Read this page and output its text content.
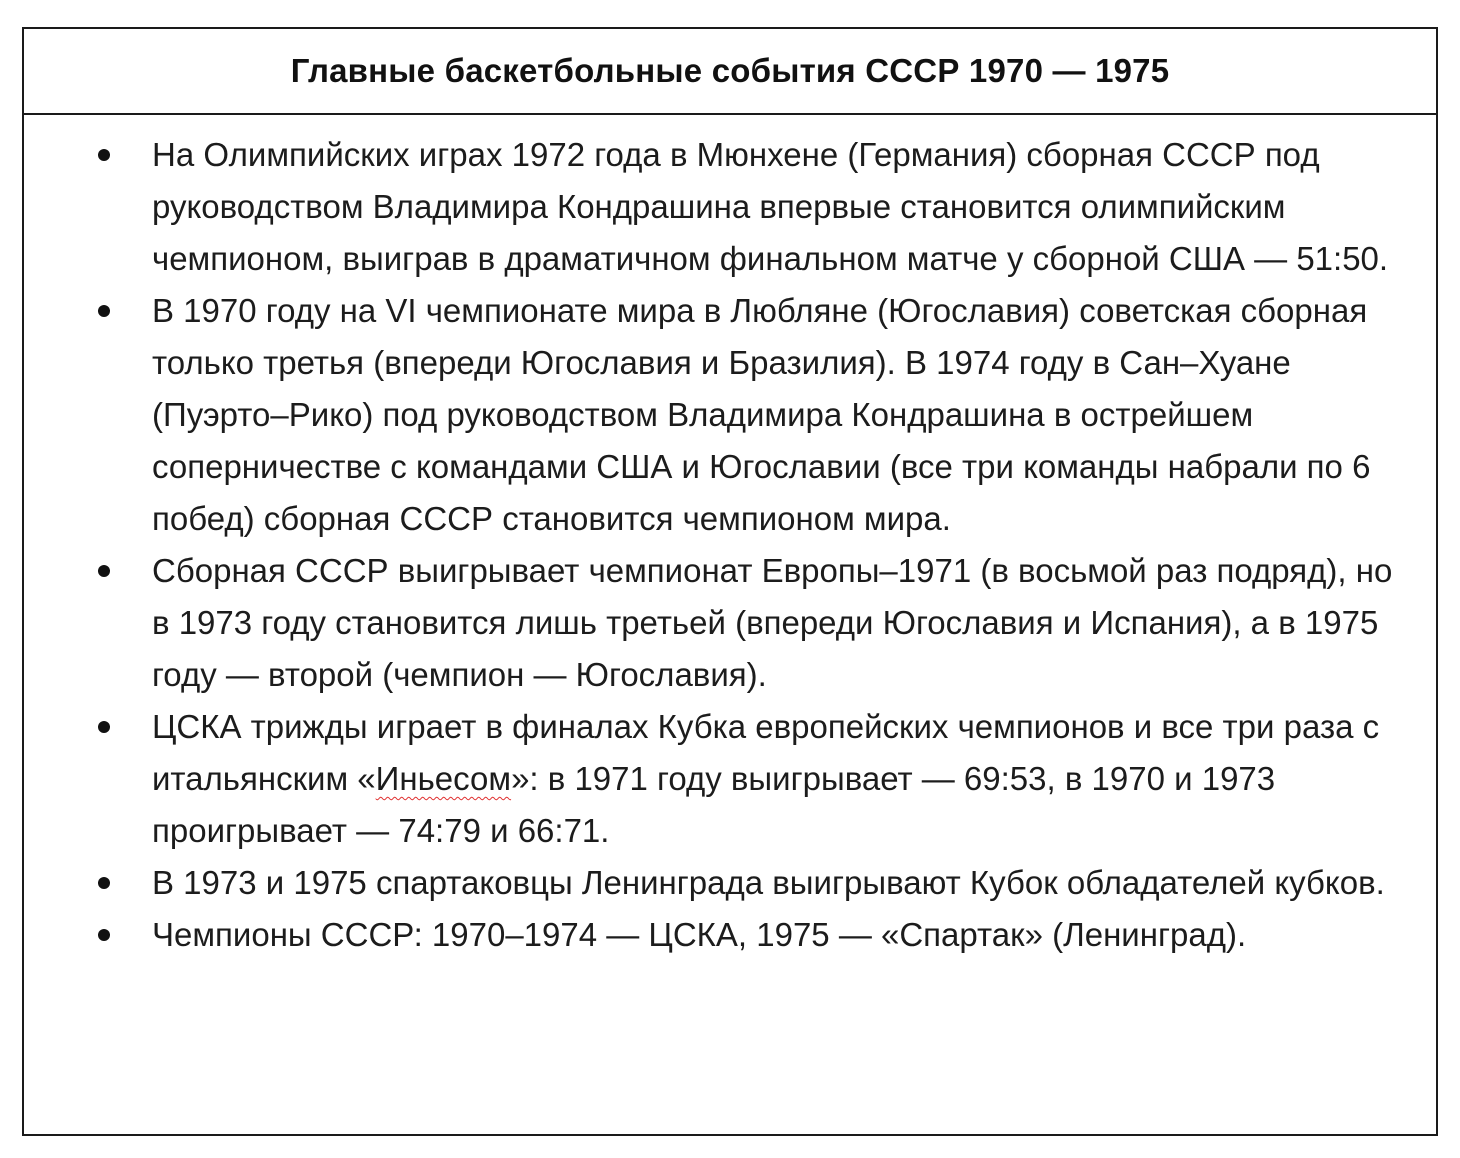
Главные баскетбольные события СССР 1970 — 1975
На Олимпийских играх 1972 года в Мюнхене (Германия) сборная СССР под руководством Владимира Кондрашина впервые становится олимпийским чемпионом, выиграв в драматичном финальном матче у сборной США — 51:50.
В 1970 году на VI чемпионате мира в Любляне (Югославия) советская сборная только третья (впереди Югославия и Бразилия). В 1974 году в Сан–Хуане (Пуэрто–Рико) под руководством Владимира Кондрашина в острейшем соперничестве с командами США и Югославии (все три команды набрали по 6 побед) сборная СССР становится чемпионом мира.
Сборная СССР выигрывает чемпионат Европы–1971 (в восьмой раз подряд), но в 1973 году становится лишь третьей (впереди Югославия и Испания), а в 1975 году — второй (чемпион — Югославия).
ЦСКА трижды играет в финалах Кубка европейских чемпионов и все три раза с итальянским «Иньесом»: в 1971 году выигрывает — 69:53, в 1970 и 1973 проигрывает — 74:79 и 66:71.
В 1973 и 1975 спартаковцы Ленинграда выигрывают Кубок обладателей кубков.
Чемпионы СССР: 1970–1974 — ЦСКА, 1975 — «Спартак» (Ленинград).
